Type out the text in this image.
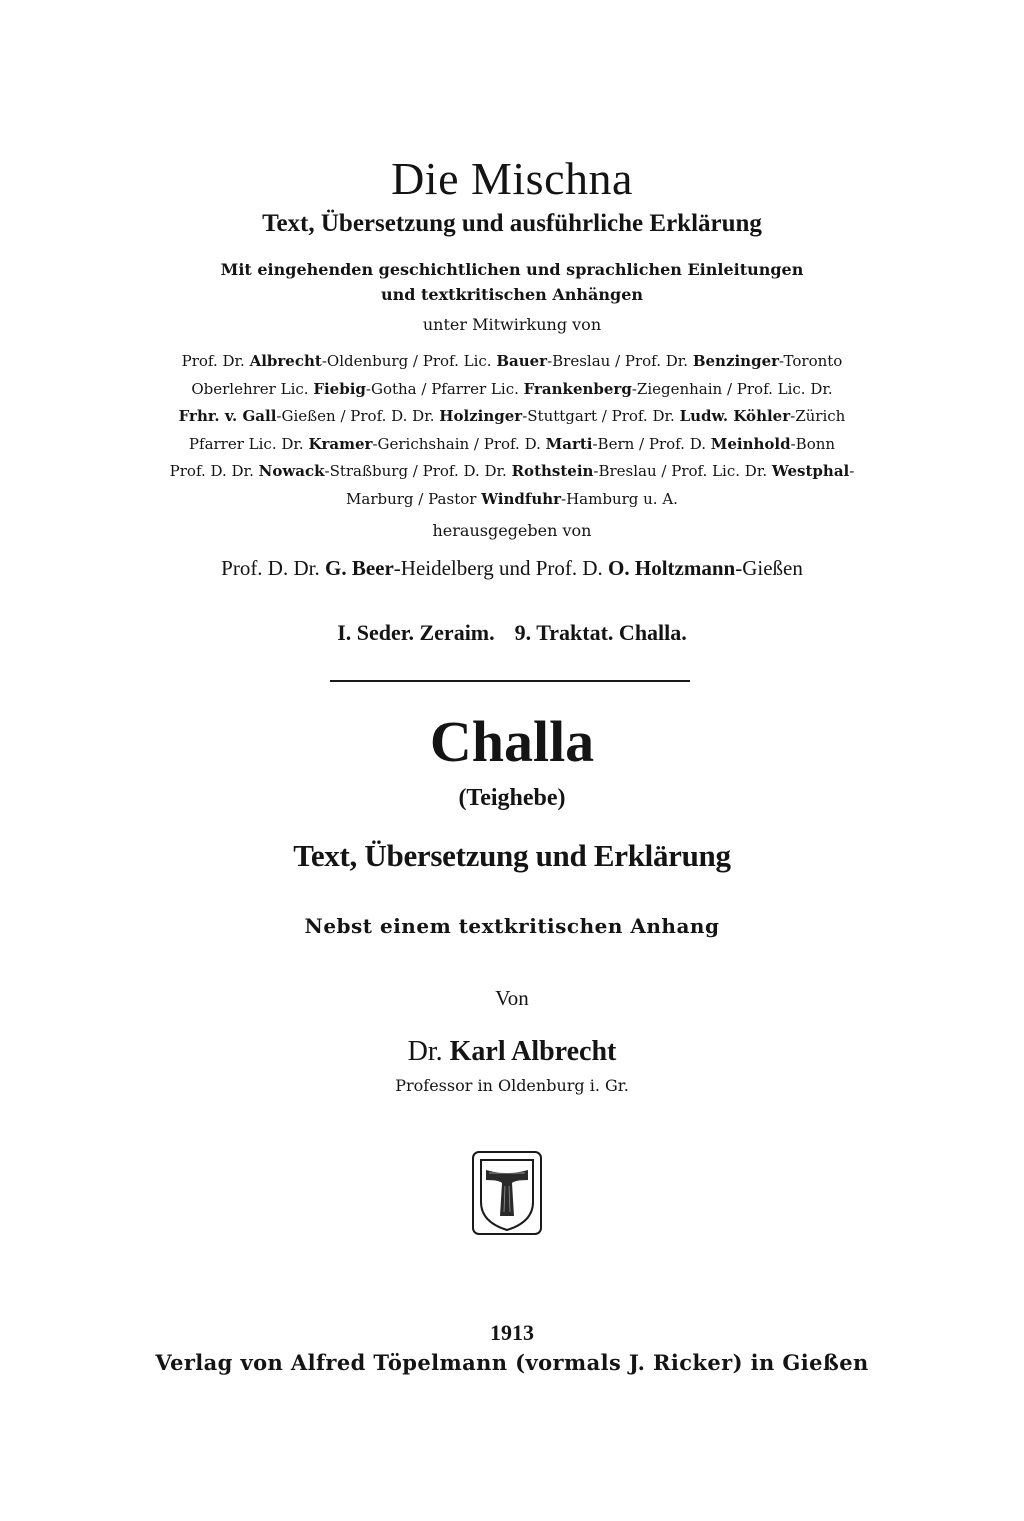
Die Mischna
Text, Übersetzung und ausführliche Erklärung
Mit eingehenden geschichtlichen und sprachlichen Einleitungen
und textkritischen Anhängen
unter Mitwirkung von
Prof. Dr. Albrecht-Oldenburg / Prof. Lic. Bauer-Breslau / Prof. Dr. Benzinger-Toronto
Oberlehrer Lic. Fiebig-Gotha / Pfarrer Lic. Frankenberg-Ziegenhain / Prof. Lic. Dr.
Frhr. v. Gall-Gießen / Prof. D. Dr. Holzinger-Stuttgart / Prof. Dr. Ludw. Köhler-Zürich
Pfarrer Lic. Dr. Kramer-Gerichshain / Prof. D. Marti-Bern / Prof. D. Meinhold-Bonn
Prof. D. Dr. Nowack-Straßburg / Prof. D. Dr. Rothstein-Breslau / Prof. Lic. Dr. Westphal-
Marburg / Pastor Windfuhr-Hamburg u. A.
herausgegeben von
Prof. D. Dr. G. Beer-Heidelberg und Prof. D. O. Holtzmann-Gießen
I. Seder. Zeraim. 9. Traktat. Challa.
Challa
(Teighebe)
Text, Übersetzung und Erklärung
Nebst einem textkritischen Anhang
Von
Dr. Karl Albrecht
Professor in Oldenburg i. Gr.
1913
Verlag von Alfred Töpelmann (vormals J. Ricker) in Gießen
